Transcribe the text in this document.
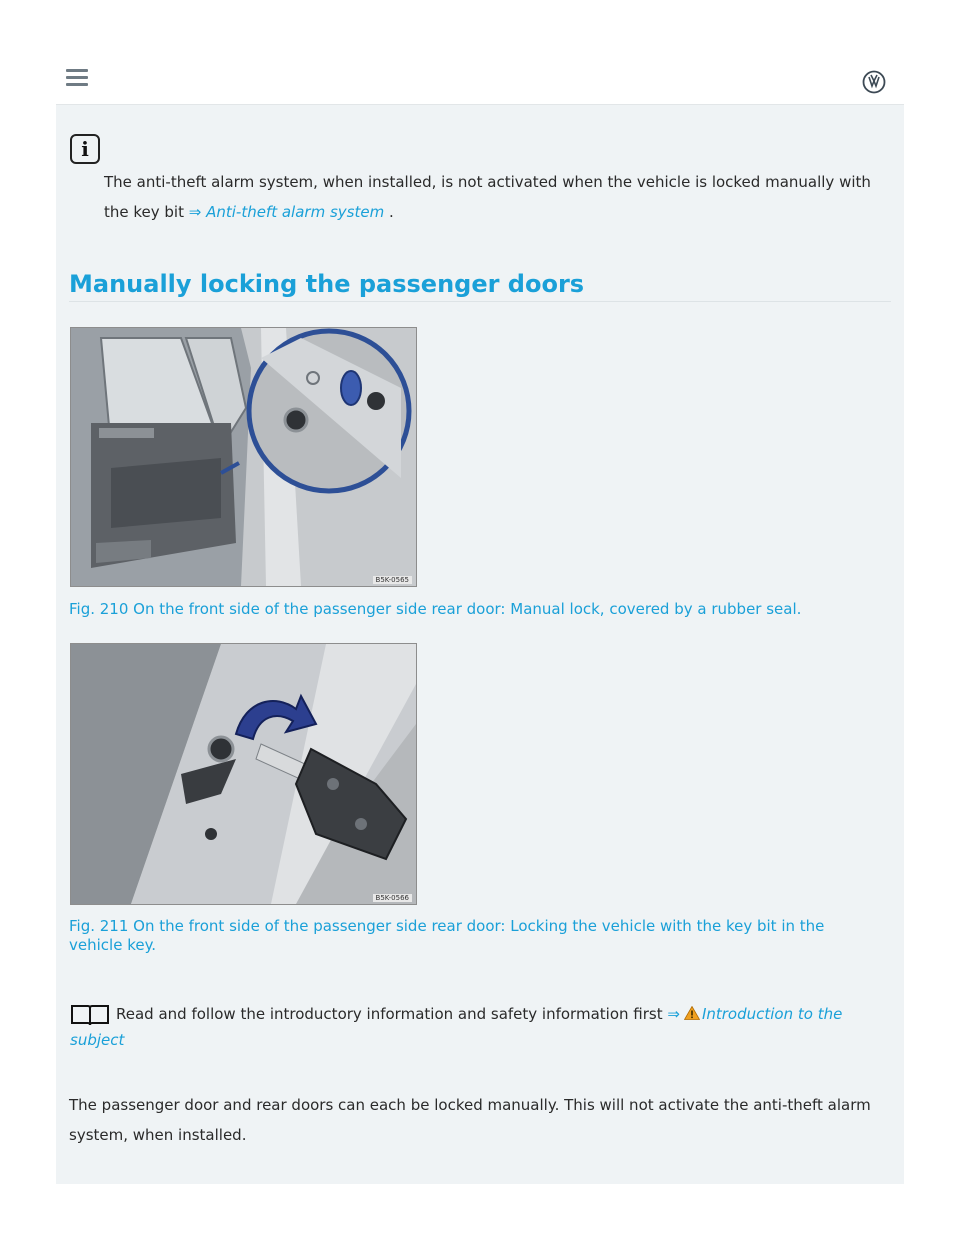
i

The anti-theft alarm system, when installed, is not activated when the vehicle is locked manually with the key bit ⇒ Anti-theft alarm system .

Manually locking the passenger doors
B5K-0565

Fig. 210 On the front side of the passenger side rear door: Manual lock, covered by a rubber seal.

B5K-0566

Fig. 211 On the front side of the passenger side rear door: Locking the vehicle with the key bit in the vehicle key.

Read and follow the introductory information and safety information first ⇒ Introduction to the subject

The passenger door and rear doors can each be locked manually. This will not activate the anti-theft alarm system, when installed.
